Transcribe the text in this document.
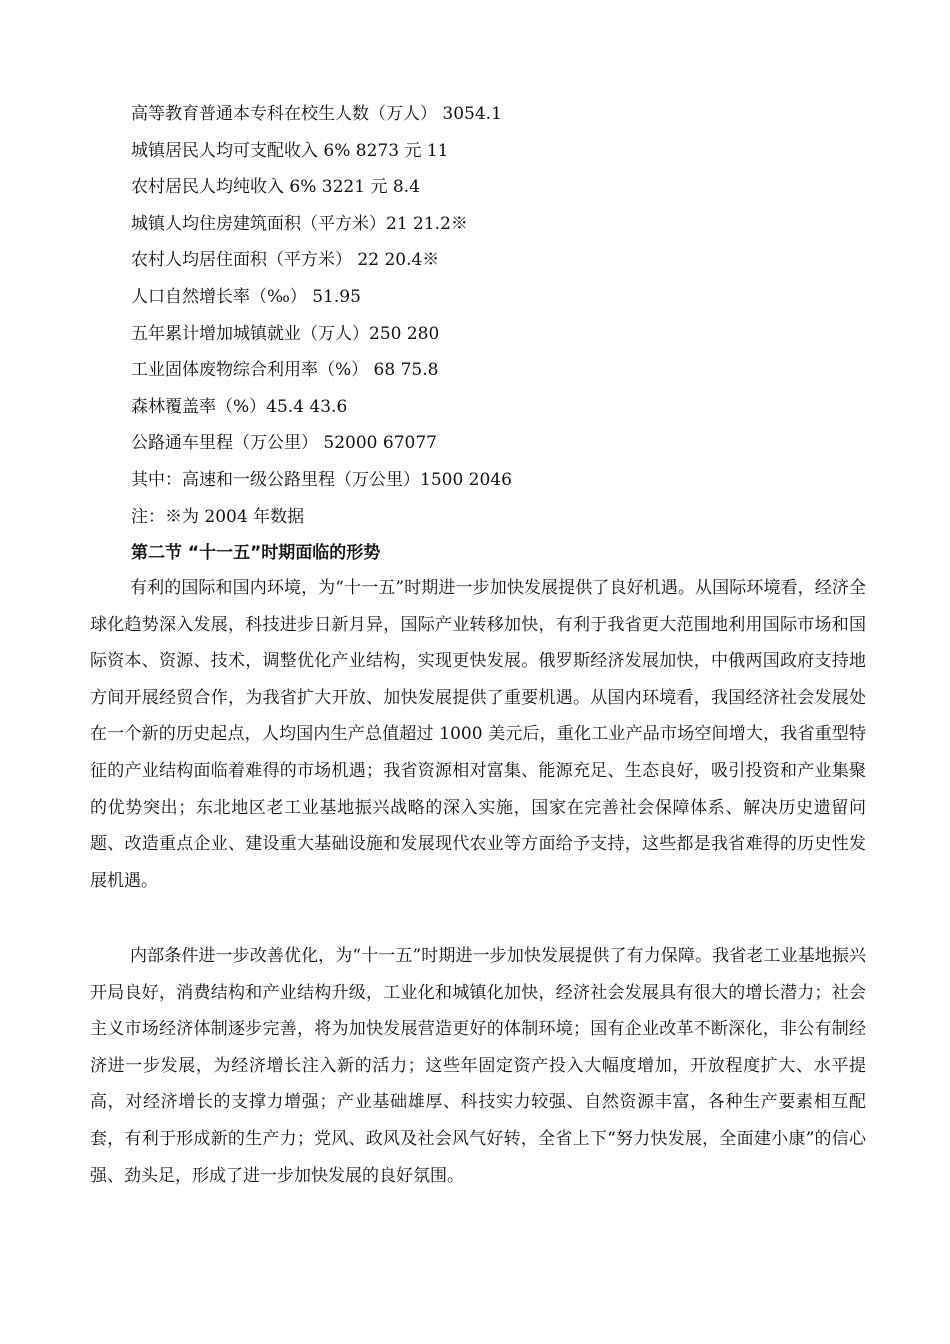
高等教育普通本专科在校生人数（万人） 3054.1
城镇居民人均可支配收入 6% 8273 元 11
农村居民人均纯收入 6% 3221 元 8.4
城镇人均住房建筑面积（平方米）21 21.2※
农村人均居住面积（平方米） 22 20.4※
人口自然增长率（‰） 51.95
五年累计增加城镇就业（万人）250 280
工业固体废物综合利用率（%） 68 75.8
森林覆盖率（%）45.4 43.6
公路通车里程（万公里） 52000 67077
其中：高速和一级公路里程（万公里）1500 2046
注：※为 2004 年数据
第二节 “十一五”时期面临的形势

有利的国际和国内环境，为“十一五”时期进一步加快发展提供了良好机遇。从国际环境看，经济全球化趋势深入发展，科技进步日新月异，国际产业转移加快，有利于我省更大范围地利用国际市场和国际资本、资源、技术，调整优化产业结构，实现更快发展。俄罗斯经济发展加快，中俄两国政府支持地方间开展经贸合作，为我省扩大开放、加快发展提供了重要机遇。从国内环境看，我国经济社会发展处在一个新的历史起点，人均国内生产总值超过 1000 美元后，重化工业产品市场空间增大，我省重型特征的产业结构面临着难得的市场机遇；我省资源相对富集、能源充足、生态良好，吸引投资和产业集聚的优势突出；东北地区老工业基地振兴战略的深入实施，国家在完善社会保障体系、解决历史遗留问题、改造重点企业、建设重大基础设施和发展现代农业等方面给予支持，这些都是我省难得的历史性发展机遇。

内部条件进一步改善优化，为“十一五”时期进一步加快发展提供了有力保障。我省老工业基地振兴开局良好，消费结构和产业结构升级，工业化和城镇化加快，经济社会发展具有很大的增长潜力；社会主义市场经济体制逐步完善，将为加快发展营造更好的体制环境；国有企业改革不断深化，非公有制经济进一步发展，为经济增长注入新的活力；这些年固定资产投入大幅度增加，开放程度扩大、水平提高，对经济增长的支撑力增强；产业基础雄厚、科技实力较强、自然资源丰富，各种生产要素相互配套，有利于形成新的生产力；党风、政风及社会风气好转，全省上下“努力快发展，全面建小康”的信心强、劲头足，形成了进一步加快发展的良好氛围。
